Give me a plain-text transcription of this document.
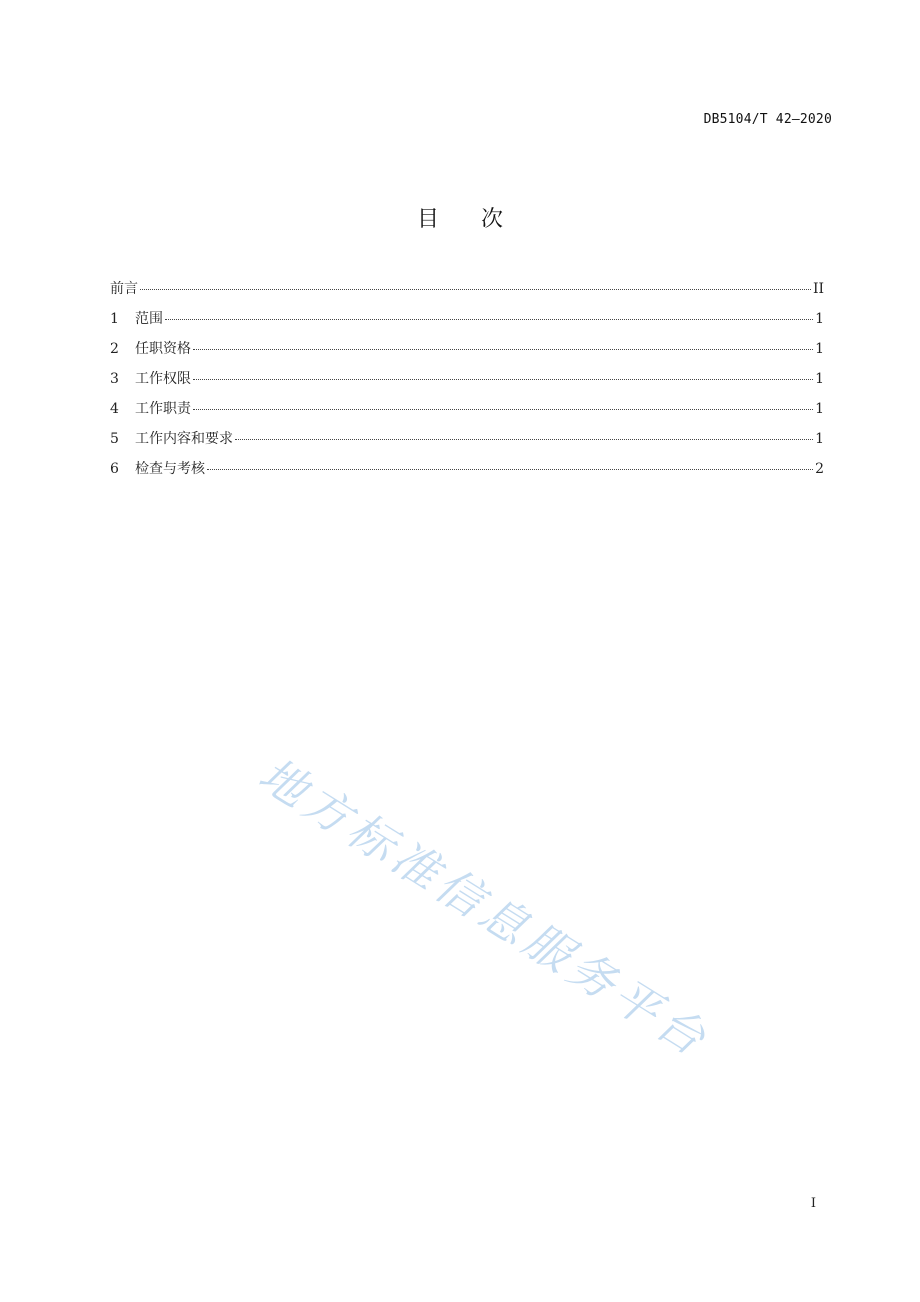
DB5104/T 42—2020
目次
前言	II
1	范围	1
2	任职资格	1
3	工作权限	1
4	工作职责	1
5	工作内容和要求	1
6	检查与考核	2
地方标准信息服务平台
I
